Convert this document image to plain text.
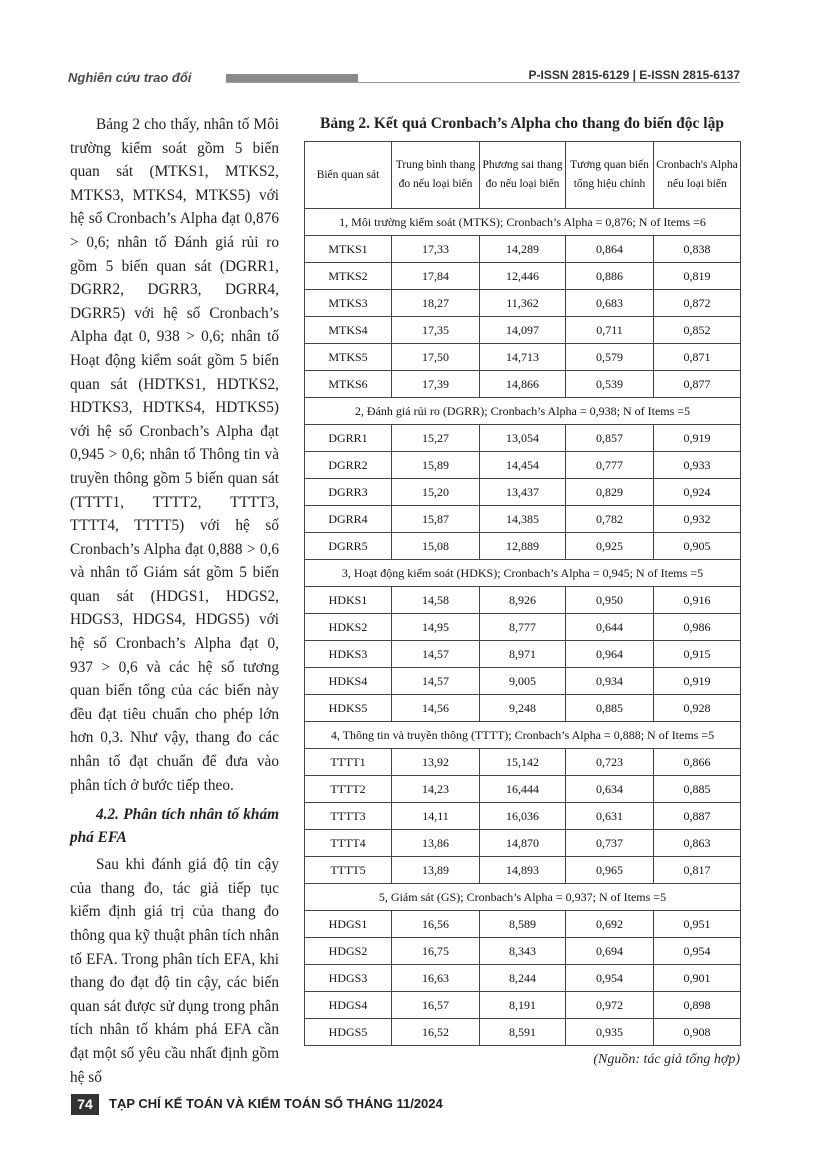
Nghiên cứu trao đổi	P-ISSN 2815-6129 | E-ISSN 2815-6137

Bảng 2 cho thấy, nhân tố Môi trường kiểm soát gồm 5 biến quan sát (MTKS1, MTKS2, MTKS3, MTKS4, MTKS5) với hệ số Cronbach’s Alpha đạt 0,876 > 0,6; nhân tố Đánh giá rủi ro gồm 5 biến quan sát (DGRR1, DGRR2, DGRR3, DGRR4, DGRR5) với hệ số Cronbach’s Alpha đạt 0, 938 > 0,6; nhân tố Hoạt động kiểm soát gồm 5 biến quan sát (HDTKS1, HDTKS2, HDTKS3, HDTKS4, HDTKS5) với hệ số Cronbach’s Alpha đạt 0,945 > 0,6; nhân tố Thông tin và truyền thông gồm 5 biến quan sát (TTTT1, TTTT2, TTTT3, TTTT4, TTTT5) với hệ số Cronbach’s Alpha đạt 0,888 > 0,6 và nhân tố Giám sát gồm 5 biến quan sát (HDGS1, HDGS2, HDGS3, HDGS4, HDGS5) với hệ số Cronbach’s Alpha đạt 0, 937 > 0,6 và các hệ số tương quan biến tổng của các biến này đều đạt tiêu chuẩn cho phép lớn hơn 0,3. Như vậy, thang đo các nhân tố đạt chuẩn để đưa vào phân tích ở bước tiếp theo.

4.2. Phân tích nhân tố khám phá EFA

Sau khi đánh giá độ tin cậy của thang đo, tác giả tiếp tục kiểm định giá trị của thang đo thông qua kỹ thuật phân tích nhân tố EFA. Trong phân tích EFA, khi thang đo đạt độ tin cậy, các biến quan sát được sử dụng trong phân tích nhân tố khám phá EFA cần đạt một số yêu cầu nhất định gồm hệ số

Bảng 2. Kết quả Cronbach’s Alpha cho thang đo biến độc lập
Biến quan sát	Trung bình thang đo nếu loại biến	Phương sai thang đo nếu loại biến	Tương quan biến tổng hiệu chỉnh	Cronbach's Alpha nếu loại biến
1, Môi trường kiểm soát (MTKS); Cronbach’s Alpha = 0,876; N of Items =6				
MTKS1	17,33	14,289	0,864	0,838
MTKS2	17,84	12,446	0,886	0,819
MTKS3	18,27	11,362	0,683	0,872
MTKS4	17,35	14,097	0,711	0,852
MTKS5	17,50	14,713	0,579	0,871
MTKS6	17,39	14,866	0,539	0,877
2, Đánh giá rủi ro (DGRR); Cronbach’s Alpha = 0,938; N of Items =5				
DGRR1	15,27	13,054	0,857	0,919
DGRR2	15,89	14,454	0,777	0,933
DGRR3	15,20	13,437	0,829	0,924
DGRR4	15,87	14,385	0,782	0,932
DGRR5	15,08	12,889	0,925	0,905
3, Hoạt động kiểm soát (HDKS); Cronbach’s Alpha = 0,945; N of Items =5				
HDKS1	14,58	8,926	0,950	0,916
HDKS2	14,95	8,777	0,644	0,986
HDKS3	14,57	8,971	0,964	0,915
HDKS4	14,57	9,005	0,934	0,919
HDKS5	14,56	9,248	0,885	0,928
4, Thông tin và truyền thông (TTTT); Cronbach’s Alpha = 0,888; N of Items =5				
TTTT1	13,92	15,142	0,723	0,866
TTTT2	14,23	16,444	0,634	0,885
TTTT3	14,11	16,036	0,631	0,887
TTTT4	13,86	14,870	0,737	0,863
TTTT5	13,89	14,893	0,965	0,817
5, Giám sát (GS); Cronbach’s Alpha = 0,937; N of Items =5				
HDGS1	16,56	8,589	0,692	0,951
HDGS2	16,75	8,343	0,694	0,954
HDGS3	16,63	8,244	0,954	0,901
HDGS4	16,57	8,191	0,972	0,898
HDGS5	16,52	8,591	0,935	0,908
(Nguồn: tác giả tổng hợp)
74	TẠP CHÍ KẾ TOÁN VÀ KIỂM TOÁN SỐ THÁNG 11/2024
